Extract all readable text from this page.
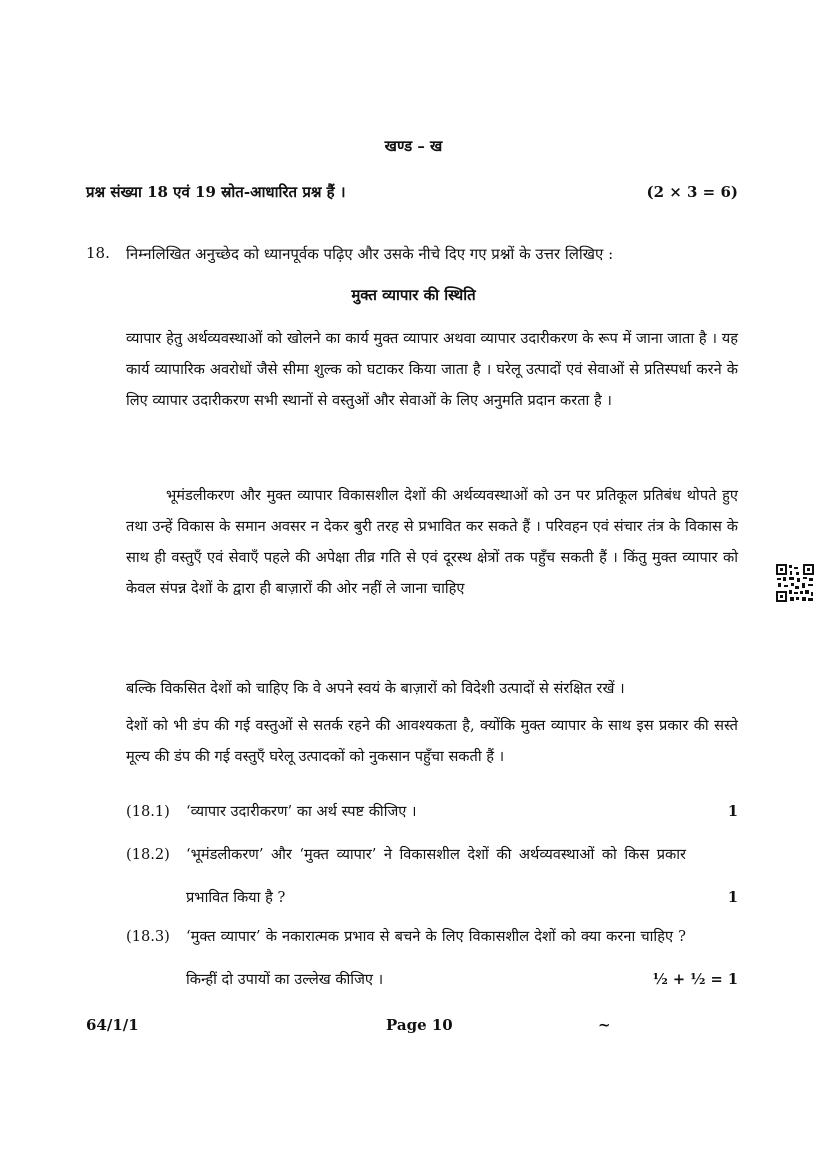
खण्ड – ख
प्रश्न संख्या 18 एवं 19 स्रोत-आधारित प्रश्न हैं ।	(2 × 3 = 6)
18. निम्नलिखित अनुच्छेद को ध्यानपूर्वक पढ़िए और उसके नीचे दिए गए प्रश्नों के उत्तर लिखिए :
मुक्त व्यापार की स्थिति
व्यापार हेतु अर्थव्यवस्थाओं को खोलने का कार्य मुक्त व्यापार अथवा व्यापार उदारीकरण के रूप में जाना जाता है । यह कार्य व्यापारिक अवरोधों जैसे सीमा शुल्क को घटाकर किया जाता है । घरेलू उत्पादों एवं सेवाओं से प्रतिस्पर्धा करने के लिए व्यापार उदारीकरण सभी स्थानों से वस्तुओं और सेवाओं के लिए अनुमति प्रदान करता है ।
भूमंडलीकरण और मुक्त व्यापार विकासशील देशों की अर्थव्यवस्थाओं को उन पर प्रतिकूल प्रतिबंध थोपते हुए तथा उन्हें विकास के समान अवसर न देकर बुरी तरह से प्रभावित कर सकते हैं । परिवहन एवं संचार तंत्र के विकास के साथ ही वस्तुएँ एवं सेवाएँ पहले की अपेक्षा तीव्र गति से एवं दूरस्थ क्षेत्रों तक पहुँच सकती हैं । किंतु मुक्त व्यापार को केवल संपन्न देशों के द्वारा ही बाज़ारों की ओर नहीं ले जाना चाहिए
बल्कि विकसित देशों को चाहिए कि वे अपने स्वयं के बाज़ारों को विदेशी उत्पादों से संरक्षित रखें ।
देशों को भी डंप की गई वस्तुओं से सतर्क रहने की आवश्यकता है, क्योंकि मुक्त व्यापार के साथ इस प्रकार की सस्ते मूल्य की डंप की गई वस्तुएँ घरेलू उत्पादकों को नुकसान पहुँचा सकती हैं ।
(18.1) ‘व्यापार उदारीकरण’ का अर्थ स्पष्ट कीजिए ।	1
(18.2) ‘भूमंडलीकरण’ और ‘मुक्त व्यापार’ ने विकासशील देशों की अर्थव्यवस्थाओं को किस प्रकार प्रभावित किया है ?	1
(18.3) ‘मुक्त व्यापार’ के नकारात्मक प्रभाव से बचने के लिए विकासशील देशों को क्या करना चाहिए ? किन्हीं दो उपायों का उल्लेख कीजिए ।	½ + ½ = 1
64/1/1	Page 10	~
